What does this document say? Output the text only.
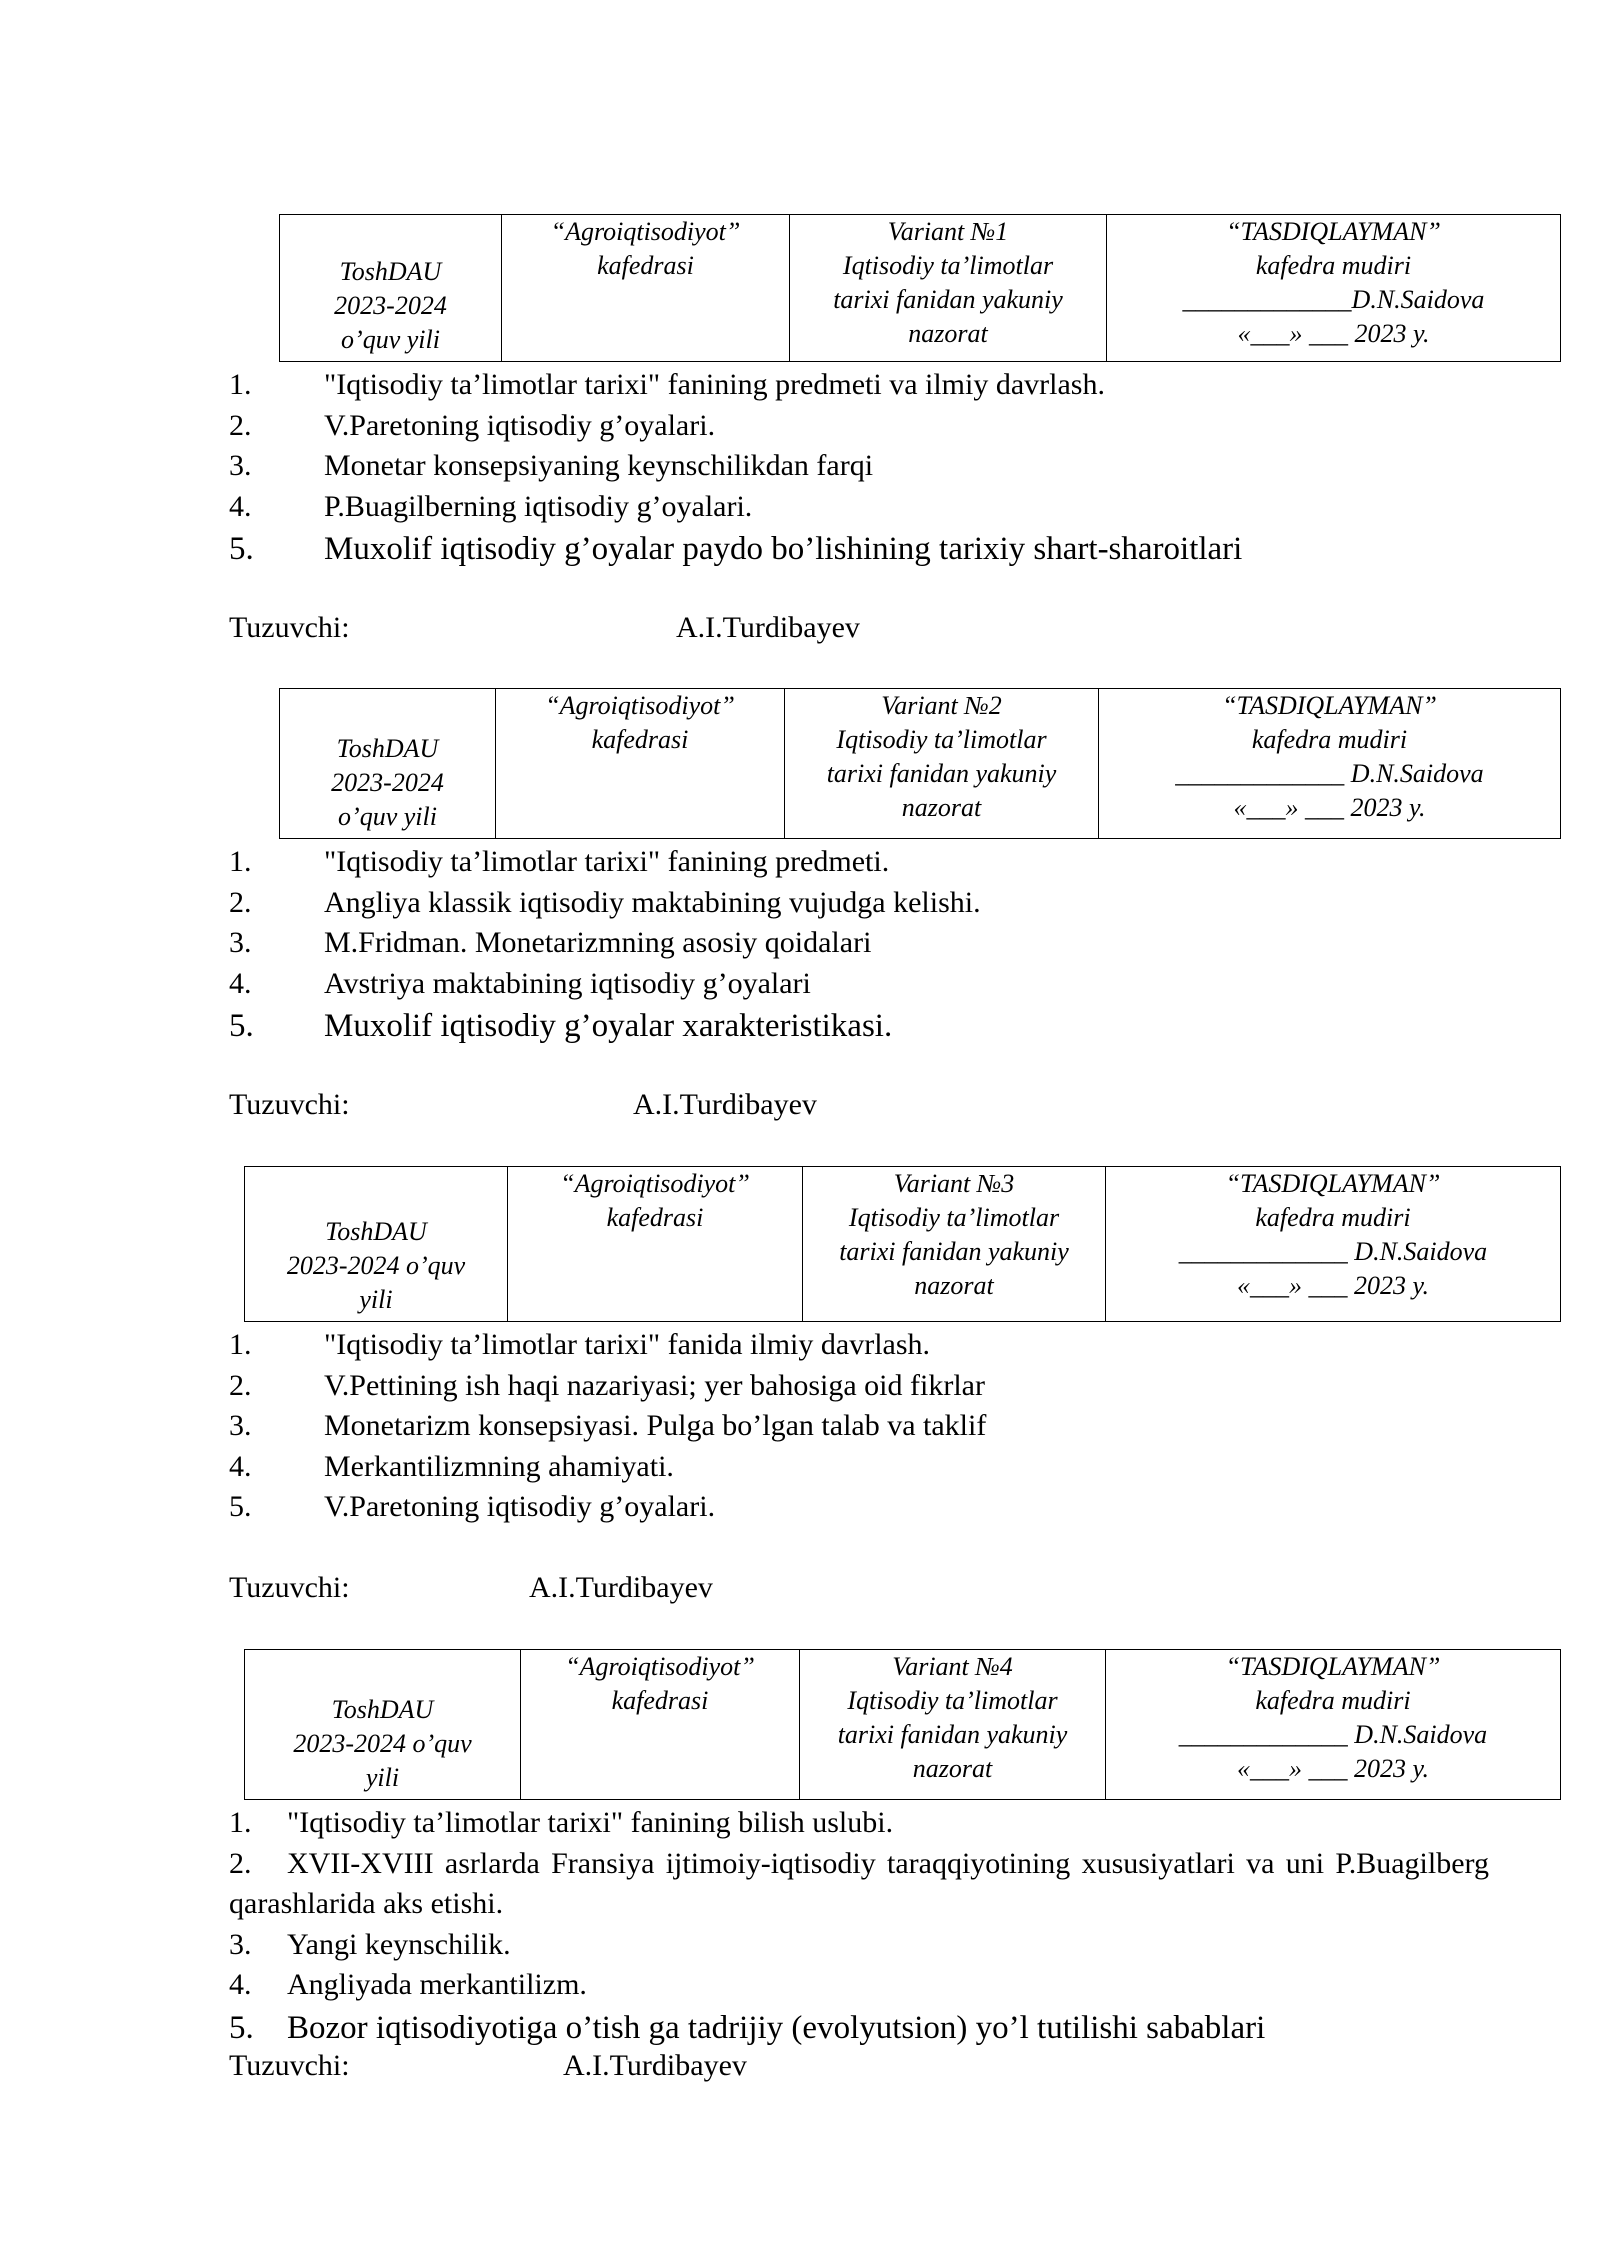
ToshDAU
2023-2024
o’quv yili

“Agroiqtisodiyot”
kafedrasi

Variant №1
Iqtisodiy ta’limotlar
tarixi fanidan yakuniy
nazorat

“TASDIQLAYMAN”
kafedra mudiri
_____________D.N.Saidova
«___» ___ 2023 y.
1. "Iqtisodiy ta’limotlar tarixi" fanining predmeti va ilmiy davrlash.
2. V.Paretoning iqtisodiy g’oyalari.
3. Monetar konsepsiyaning keynschilikdan farqi
4. P.Buagilberning iqtisodiy g’oyalari.
5. Muxolif iqtisodiy g’oyalar paydo bo’lishining tarixiy shart-sharoitlari
Tuzuvchi:	A.I.Turdibayev
ToshDAU
2023-2024
o’quv yili

“Agroiqtisodiyot”
kafedrasi

Variant №2
Iqtisodiy ta’limotlar
tarixi fanidan yakuniy
nazorat

“TASDIQLAYMAN”
kafedra mudiri
_____________ D.N.Saidova
«___» ___ 2023 y.
1. "Iqtisodiy ta’limotlar tarixi" fanining predmeti.
2. Angliya klassik iqtisodiy maktabining vujudga kelishi.
3. M.Fridman. Monetarizmning asosiy qoidalari
4. Avstriya maktabining iqtisodiy g’oyalari
5. Muxolif iqtisodiy g’oyalar xarakteristikasi.
Tuzuvchi:	A.I.Turdibayev
ToshDAU
2023-2024 o’quv
yili

“Agroiqtisodiyot”
kafedrasi

Variant №3
Iqtisodiy ta’limotlar
tarixi fanidan yakuniy
nazorat

“TASDIQLAYMAN”
kafedra mudiri
_____________ D.N.Saidova
«___» ___ 2023 y.
1. "Iqtisodiy ta’limotlar tarixi" fanida ilmiy davrlash.
2. V.Pettining ish haqi nazariyasi; yer bahosiga oid fikrlar
3. Monetarizm konsepsiyasi. Pulga bo’lgan talab va taklif
4. Merkantilizmning ahamiyati.
5. V.Paretoning iqtisodiy g’oyalari.
Tuzuvchi:	A.I.Turdibayev
ToshDAU
2023-2024 o’quv
yili

“Agroiqtisodiyot”
kafedrasi

Variant №4
Iqtisodiy ta’limotlar
tarixi fanidan yakuniy
nazorat

“TASDIQLAYMAN”
kafedra mudiri
_____________ D.N.Saidova
«___» ___ 2023 y.
1. "Iqtisodiy ta’limotlar tarixi" fanining bilish uslubi.
2. XVII-XVIII asrlarda Fransiya ijtimoiy-iqtisodiy taraqqiyotining xususiyatlari va uni P.Buagilberg qarashlarida aks etishi.
3. Yangi keynschilik.
4. Angliyada merkantilizm.
5. Bozor iqtisodiyotiga o’tish ga tadrijiy (evolyutsion) yo’l tutilishi sabablari
Tuzuvchi:	A.I.Turdibayev
